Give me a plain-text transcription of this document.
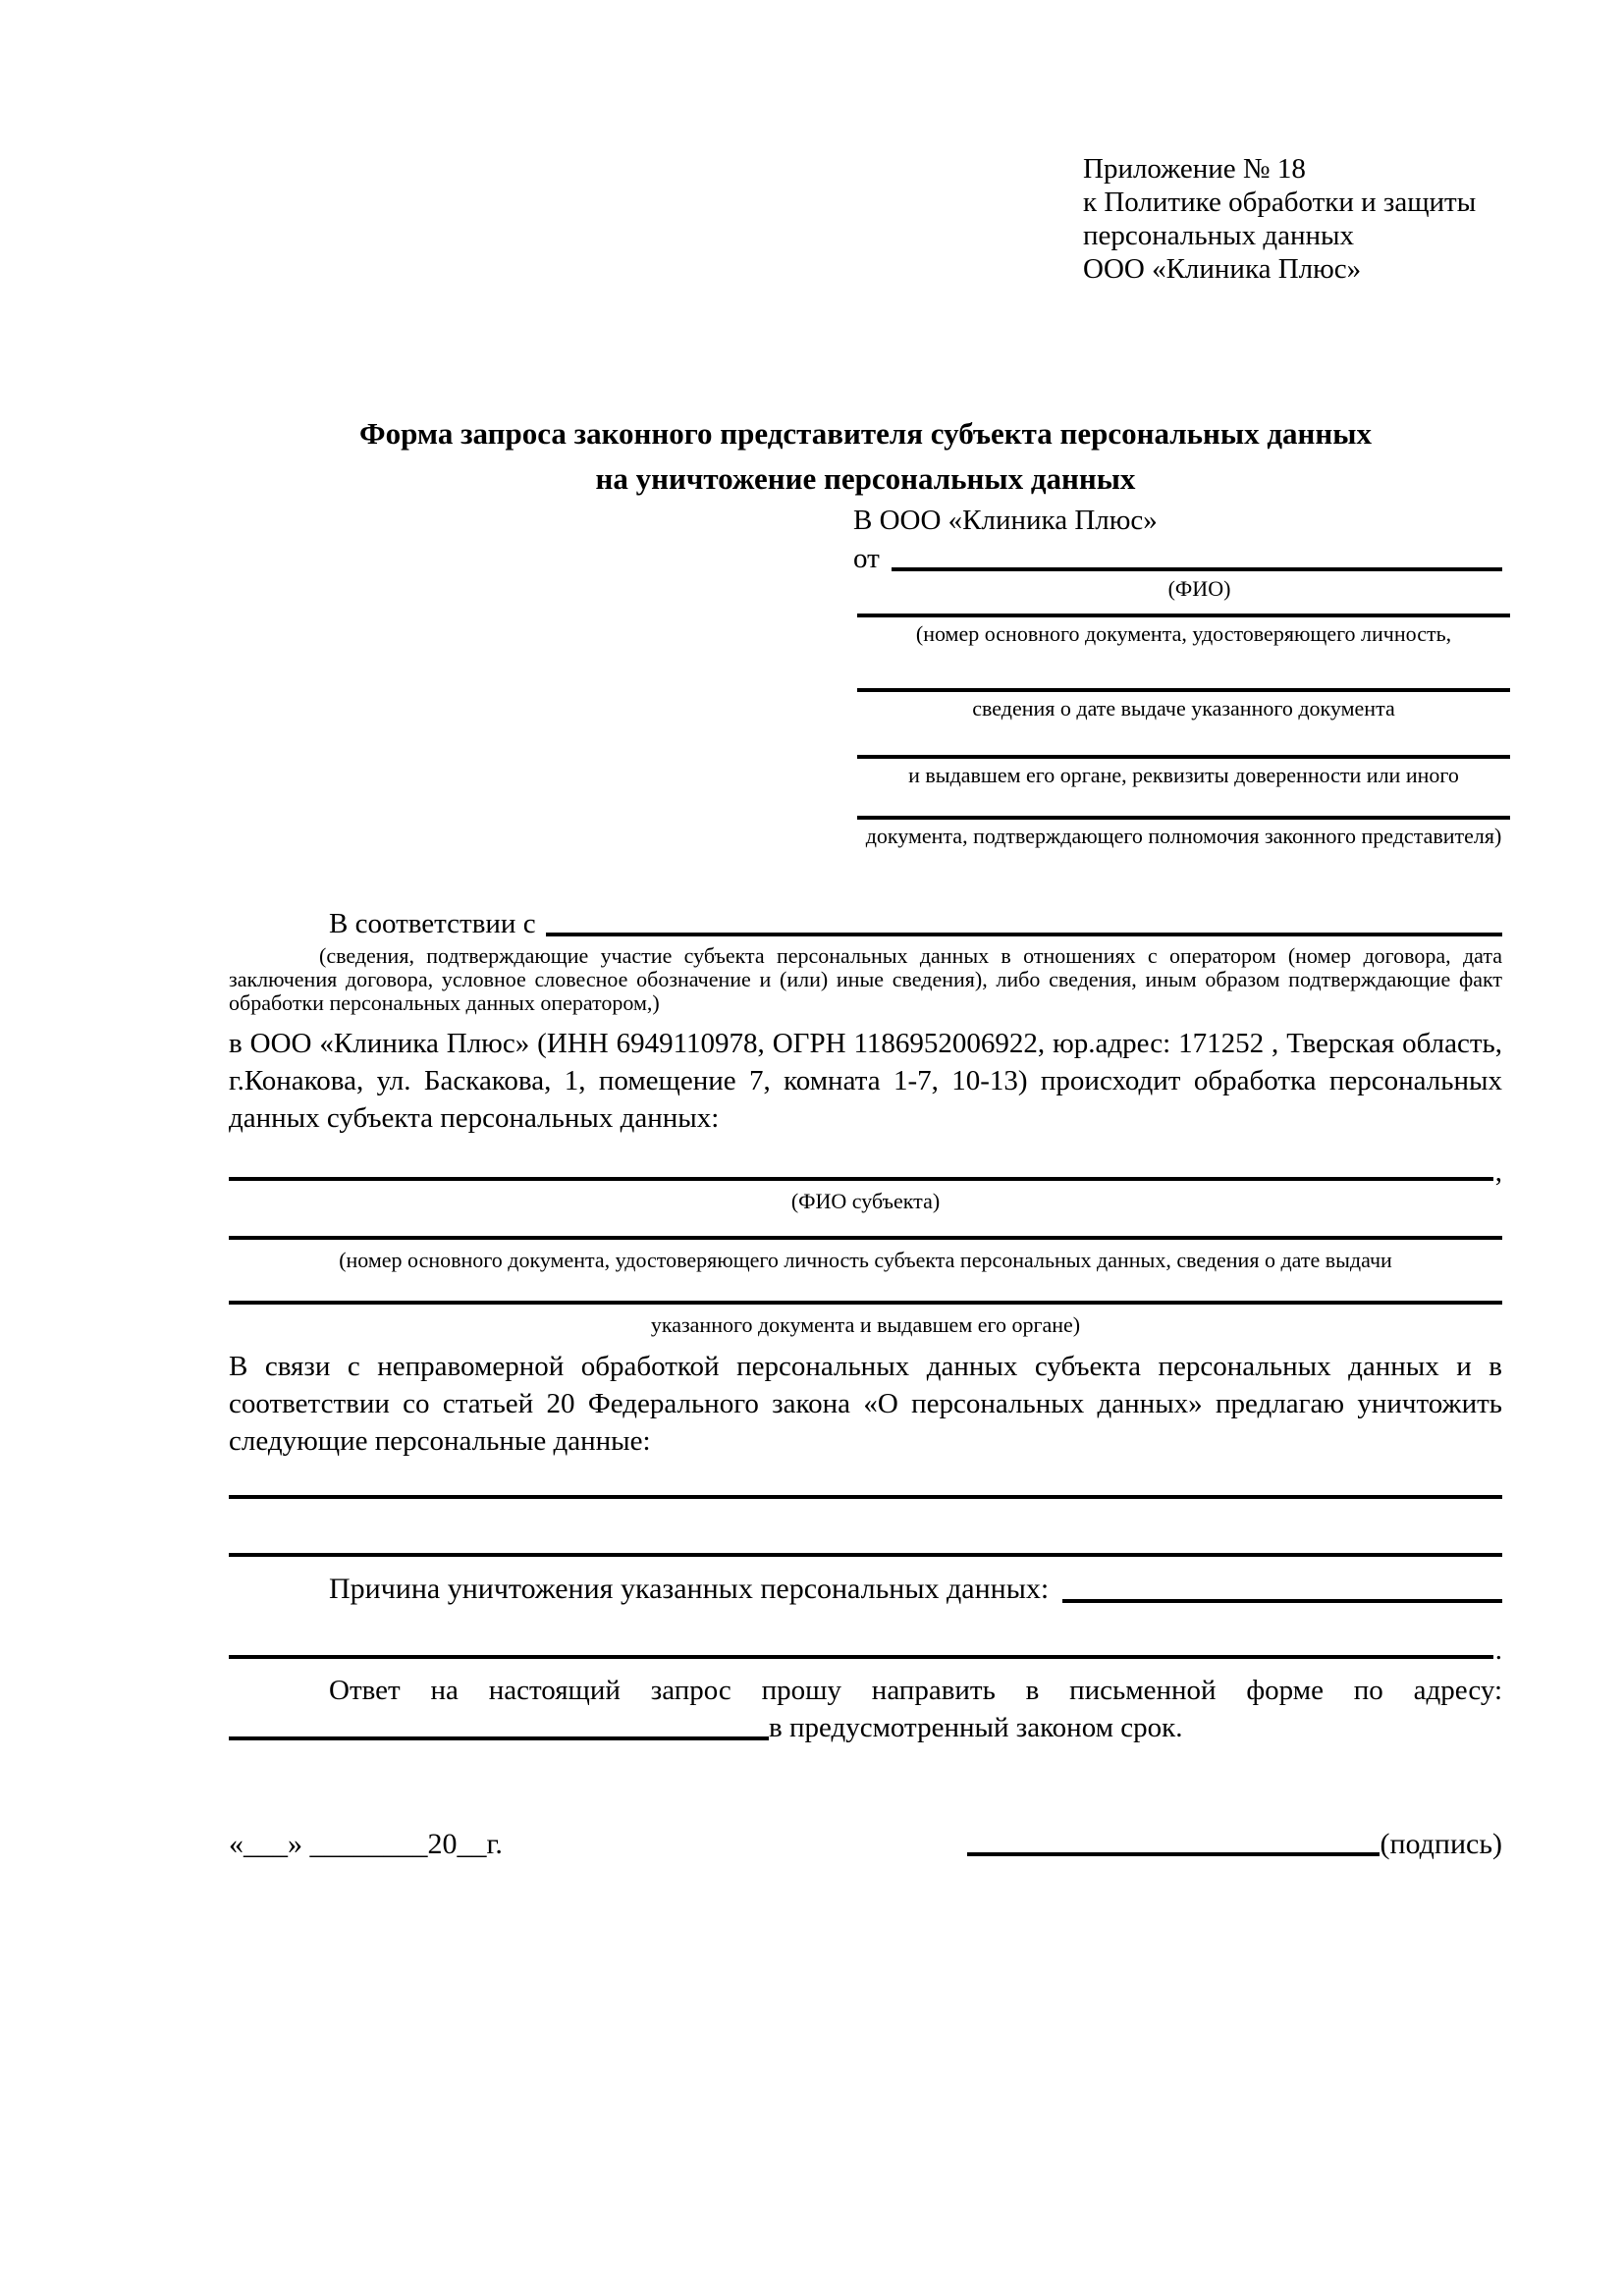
Приложение № 18
к Политике обработки и защиты
персональных данных
ООО «Клиника Плюс»
Форма запроса законного представителя субъекта персональных данных
на уничтожение персональных данных
В ООО «Клиника Плюс»
от
(ФИО)
(номер основного документа, удостоверяющего личность,
сведения о дате выдаче указанного документа
и выдавшем его органе, реквизиты доверенности или иного
документа, подтверждающего полномочия законного представителя)
В соответствии с

(сведения, подтверждающие участие субъекта персональных данных в отношениях с оператором (номер договора, дата заключения договора, условное словесное обозначение и (или) иные сведения), либо сведения, иным образом подтверждающие факт обработки персональных данных оператором,)

в ООО «Клиника Плюс» (ИНН 6949110978, ОГРН 1186952006922, юр.адрес: 171252 , Тверская область, г.Конакова, ул. Баскакова, 1, помещение 7, комната 1-7, 10-13) происходит обработка персональных данных субъекта персональных данных:

,
(ФИО субъекта)
(номер основного документа, удостоверяющего личность субъекта персональных данных, сведения о дате выдачи
указанного документа и выдавшем его органе)

В связи с неправомерной обработкой персональных данных субъекта персональных данных и в соответствии со статьей 20 Федерального закона «О персональных данных» предлагаю уничтожить следующие персональные данные:

Причина уничтожения указанных персональных данных:
.

Ответ на настоящий запрос прошу направить в письменной форме по адресу:

в предусмотренный законом срок.
«___» ________20__г.	(подпись)
